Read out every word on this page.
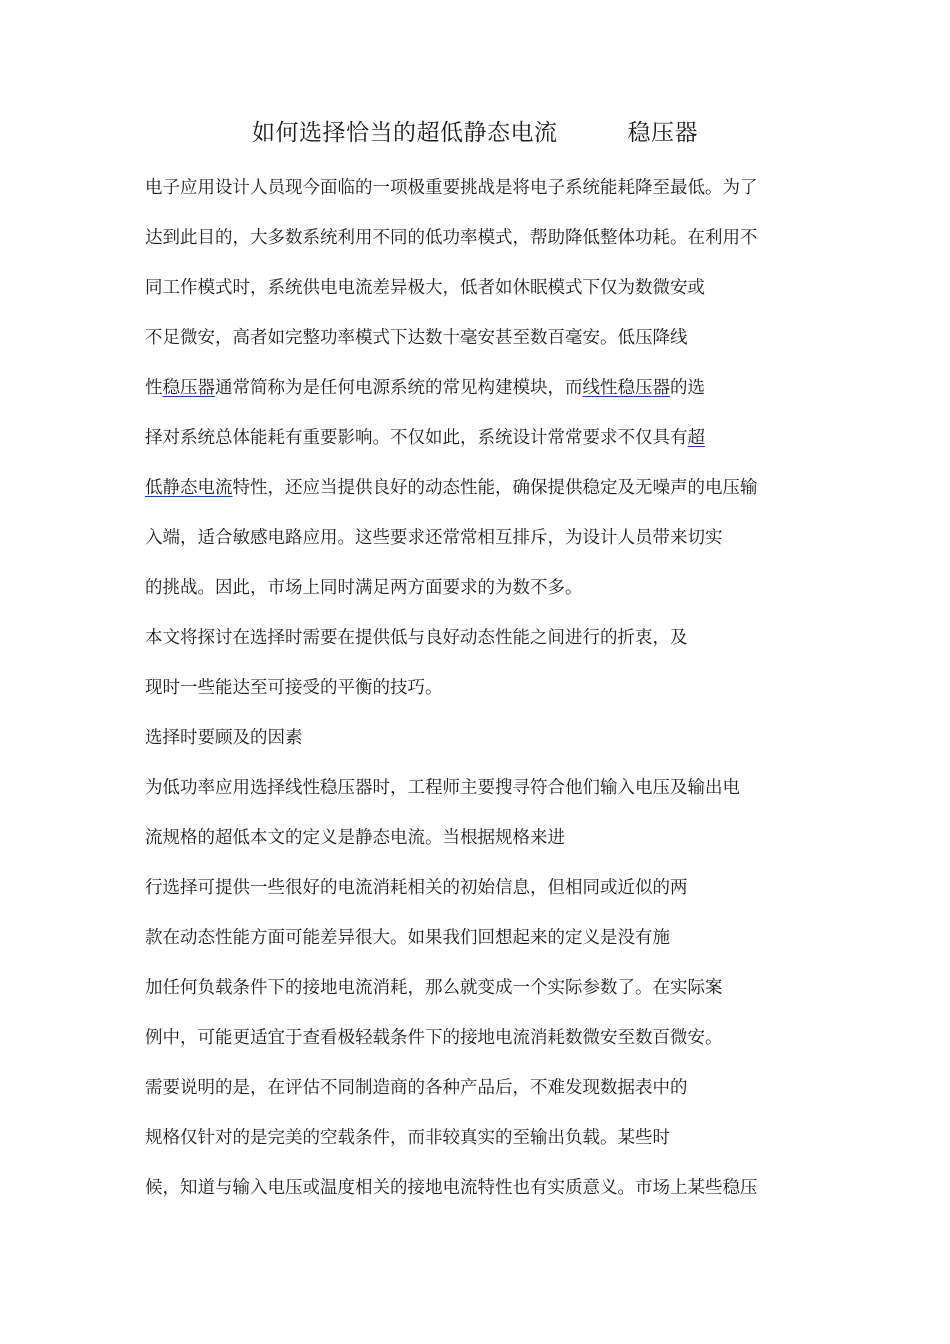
如何选择恰当的超低静态电流	稳压器
电子应用设计人员现今面临的一项极重要挑战是将电子系统能耗降至最低。为了
达到此目的，大多数系统利用不同的低功率模式，帮助降低整体功耗。在利用不
同工作模式时，系统供电电流差异极大，低者如休眠模式下仅为数微安或
不足微安，高者如完整功率模式下达数十毫安甚至数百毫安。低压降线
性稳压器通常简称为是任何电源系统的常见构建模块，而线性稳压器的选
择对系统总体能耗有重要影响。不仅如此，系统设计常常要求不仅具有超
低静态电流特性，还应当提供良好的动态性能，确保提供稳定及无噪声的电压输
入端，适合敏感电路应用。这些要求还常常相互排斥，为设计人员带来切实
的挑战。因此，市场上同时满足两方面要求的为数不多。
本文将探讨在选择时需要在提供低与良好动态性能之间进行的折衷，及
现时一些能达至可接受的平衡的技巧。
选择时要顾及的因素
为低功率应用选择线性稳压器时，工程师主要搜寻符合他们输入电压及输出电
流规格的超低本文的定义是静态电流。当根据规格来进
行选择可提供一些很好的电流消耗相关的初始信息，但相同或近似的两
款在动态性能方面可能差异很大。如果我们回想起来的定义是没有施
加任何负载条件下的接地电流消耗，那么就变成一个实际参数了。在实际案
例中，可能更适宜于查看极轻载条件下的接地电流消耗数微安至数百微安。
需要说明的是，在评估不同制造商的各种产品后，不难发现数据表中的
规格仅针对的是完美的空载条件，而非较真实的至输出负载。某些时
候，知道与输入电压或温度相关的接地电流特性也有实质意义。市场上某些稳压
